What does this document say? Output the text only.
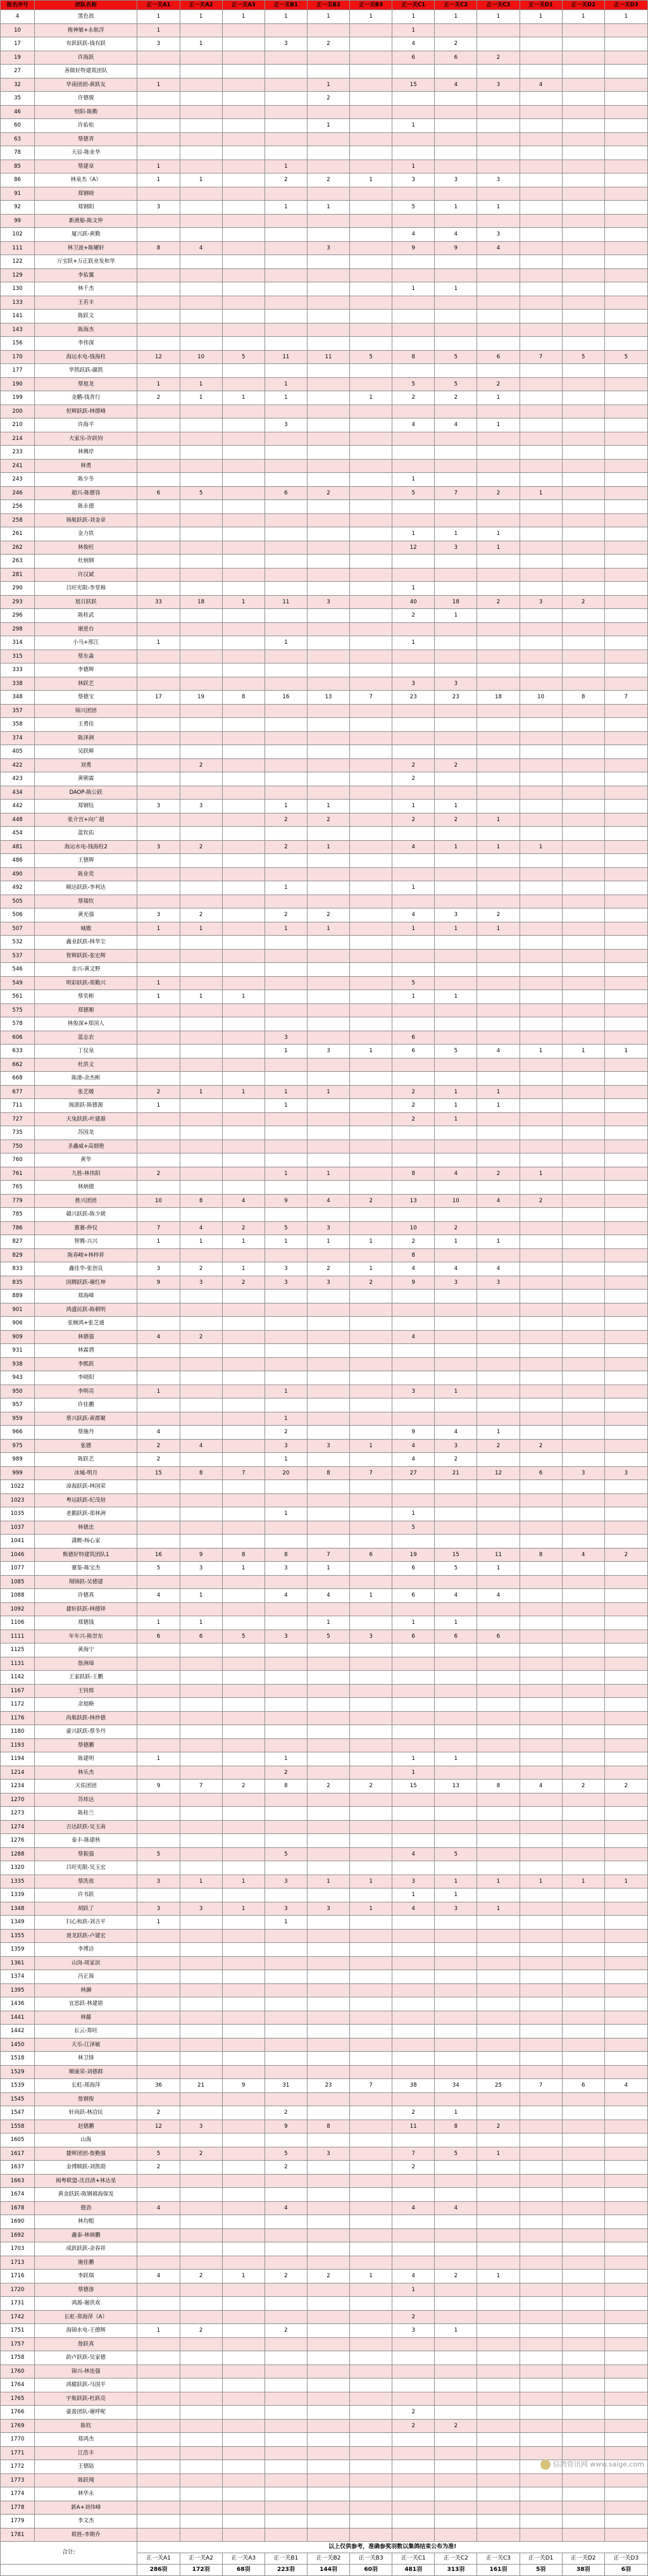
报名序号	团队名称	正一关A1	正一关A2	正一关A3	正一关B1	正一关B2	正一关B3	正一关C1	正一关C2	正一关C3	正一关D1	正一关D2	正一关D3
4	黑色浪	1	1	1	1	1	1	1	1	1	1	1	1
10	挽神敏+永航洋	1						1					
17	有跃跃跃-钱有跃	3	1		3	2		4	2				
19	许海跃							6	6	2			
27	善做好特建筑团队												
32	华南团团-黄跃友	1				1		15	4	3	4		
35	许德骏					2							
46	恒阳-陈勤												
60	许佑松					1		1					
63	蔡德青												
78	天辰-陈业华												
85	蔡建章	1			1			1					
86	林泉杰（A）	1	1		2	2	1	3	3	3			
91	郑钢晓												
92	郑钢阳	3			1	1		5	1	1			
99	新渡船-陈文仲												
102	厦兴跃-黄勤							4	4	3			
111	林卫波+陈耀轩	8	4			3		9	9	4			
122	万宝跃+万正跃业发和华												
129	李佑翼												
130	林千杰							1	1				
133	王若丰												
141	陈跃文												
143	陈海杰												
156	李伟深												
170	海运水电-钱海柱	12	10	5	11	11	5	8	5	6	7	5	5
177	华凯跃跃-赣凯												
190	蔡旭龙	1	1		1			5	5	2			
199	金鹏-钱青行	2	1	1	1		1	2	2	1			
200	恒辉跃跃-林德峰												
210	许海平				3			4	4	1			
214	大家乐-许跃钧												
233	林佛岸												
241	林勇												
243	陈少冬							1					
246	超兴-陈德容	6	5		6	2		5	7	2	1		
256	陈永德												
258	锦航跃跃-刘金章												
261	金力铁							1	1	1			
262	林俊旺							12	3	1			
263	杜炳钢												
281	许汉斌												
290	吕旺宪限-李堂棉							1					
293	旭日跃跃	33	18	1	11	3		40	18	2	3	2	
296	陈桂武							2	1				
298	谢进台												
314	小马+邢江	1			1			1					
315	蔡东淼												
333	李德辉												
338	林跃艺							3	3				
348	蔡德宝	17	19	8	16	13	7	23	23	18	10	8	7
357	锦兴团团												
358	王勇佳												
374	陈泽洲												
405	吴跃辉												
422	刘勇		2					2	2				
423	黄朝霖							2					
434	DAOP-陈公跃												
442	郑钢钰	3	3		1	1		1	1				
448	张介宫+向广超				2	2		2	2	1			
454	蓝钦佑												
481	海运水电-钱海柱2	3	2		2	1		4	1	1	1		
486	王德辉												
490	陈业奕												
492	顺达跃跃-李利达				1			1					
505	蔡瑞钦												
506	黄光强	3	2		2	2		4	3	2			
507	城傲	1	1		1	1		1	1	1			
532	鑫业跃跃-林华尘												
537	智辉跃跃-张宏辉												
546	金兴-黄文野												
549	明彩跃跃-郑勤兴	1						5					
561	蔡奕彬	1	1	1				1	1				
575	郑德顺												
578	林俊深+郑国人												
606	蓝志农				3			6					
633	丁仪泉				1	3	1	6	5	4	1	1	1
662	杜洪文												
668	陈港-余杰彬												
677	张艺暖	2	1	1	1	1		2	1	1			
711	闽浙跃-陈德源	1			1			2	1	1			
727	天兔跃跃-叶建源							2	1				
735	苏国龙												
750	圣鑫威+高烟艳												
760	黄华												
761	九胜-林伟阳	2			1	1		8	4	2	1		
765	林炳德												
779	胜兴团团	10	8	4	9	4	2	13	10	4	2		
785	赣兴跃跃-陈少琥												
786	赛赛-仲仪	7	4	2	5	3		10	2				
827	智腾-兴兴	1	1	1	1	1	1	2	1	1			
829	陈春峻+林梓祥							8					
833	鑫佳华-张创良	3	2	1	3	2	1	4	4	4			
835	国腾跃跃-谢红坤	9	3	2	3	3	2	9	3	3			
889	郑海峰												
901	鸿盛民跃-陈朝明												
906	张婉鸿+张芝通												
909	林德强	4	2					4					
931	林霖谓												
938	李熙跃												
943	李晓阳												
950	李明亮	1			1			3	1				
957	许佳鹏												
959	蔡兴跃跃-黄郡聚				1								
966	蔡施丹	4			2			9	4	1			
975	张德	2	4		3	3	1	4	3	2	2		
989	陈跃艺	2			1			4	2				
999	冰城-明月	15	8	7	20	8	7	27	21	12	6	3	3
1022	漳海跃跃-林国荣												
1023	粤运跃跃-纪茂煊												
1035	老鹅跃跃-郑林洲				1			1					
1037	林德忠							5					
1041	潇醉-杨心家												
1046	熊德好特建筑团队1	16	9	8	8	7	6	19	15	11	8	4	2
1077	赛鉴-陈宝杰	5	3	1	3	1		6	5	1			
1085	翔锦跃-吴德建												
1088	许德真	4	1		4	4	1	6	4	4			
1092	捷轩跃跃-林德铎												
1106	郑德钱	1	1			1		1	1				
1111	年年兴-陈崇东	6	6	5	3	5	3	6	6	6			
1125	黄海宁												
1131	詹洲璋												
1142	王家跃跃-王鹏												
1167	王钊郎												
1172	余旭略												
1176	尚航跃跃-林炒德												
1180	豪兴跃跃-蔡冬丹												
1193	蔡德鹏												
1194	陈建明	1			1			1	1				
1214	林乐杰				2			1					
1234	天佑团团	9	7	2	8	2	2	15	13	8	4	2	2
1270	苏炜达												
1273	陈桂兰												
1274	吉达跃跃-吴玉南												
1276	泰丰-陈建秋												
1288	蔡振强	5			5			4	5				
1320	吕旺宪限-吴玉宏												
1335	蔡洗祖	3	1	1	3	1	1	3	1	1	1	1	1
1339	许书跃							1	1				
1348	胡跃了	3	3	1	3	3	1	4	3	1			
1349	扫心和跃-刘吉平	1			1								
1355	道龙跃跃-卢建宏												
1359	李博洁												
1361	山岗-周家滨												
1374	冯正海												
1395	林澜												
1436	宜思跃-林建铭												
1441	林藤												
1442	长云-郑旺												
1450	天乐-江泽敏												
1518	林卫锋												
1529	顺康荣-刘德群												
1539	长虹-郑海萍	36	21	9	31	23	7	38	34	25	7	6	4
1545	詹钢俊												
1547	轩尚跃-林洽民	2			2			2	1				
1558	赵德鹏	12	3		9	8		11	8	2			
1605	山海												
1617	捷晖团团-詹勤强	5	2		5	3		7	5	1			
1637	金博顺跃-刘凯勋	2			2			2					
1663	闽粤联盟-沈昌清+林达星												
1674	黄金跃跃-陈钢禧海保发												
1678	德劲	4			4			4	4				
1690	林均粗												
1692	鑫泰-林炳鹏												
1703	成跃跃跃-余春祥												
1713	施佳鹏												
1716	李跃瑞	4	2	1	2	2	1	4	2	1			
1720	蔡德渗							1					
1731	鸿源-谢洪欢												
1742	长虹-郑海萍（A）							2					
1751	海锦水电-王德辉	1	2		2			3	1				
1757	詹跃真												
1758	韵卢跃跃-吴家德												
1760	锦兴-林连强												
1764	鸿健跃跃-马国平												
1765	宇航跃跃-杜跃亮												
1766	豪盈团队-谢呼呢							2					
1769	陈钦							2	2				
1770	郑鸿杰												
1771	江浩丰												
1772	王德陆												
1773	陈跃翔												
1774	林华永												
1778	新A+刘伟峰												
1779	李文杰												
1781	联胜-李期乔												
合计:		以上仅供参考，准确参奖羽数以集鸽结束公布为准!											
		正一关A1	正一关A2	正一关A3	正一关B1	正一关B2	正一关B3	正一关C1	正一关C2	正一关C3	正一关D1	正一关D2	正一关D3
		286羽	172羽	68羽	223羽	144羽	60羽	481羽	313羽	161羽	5羽	38羽	6羽
信鸽资讯网 www.saige.com
